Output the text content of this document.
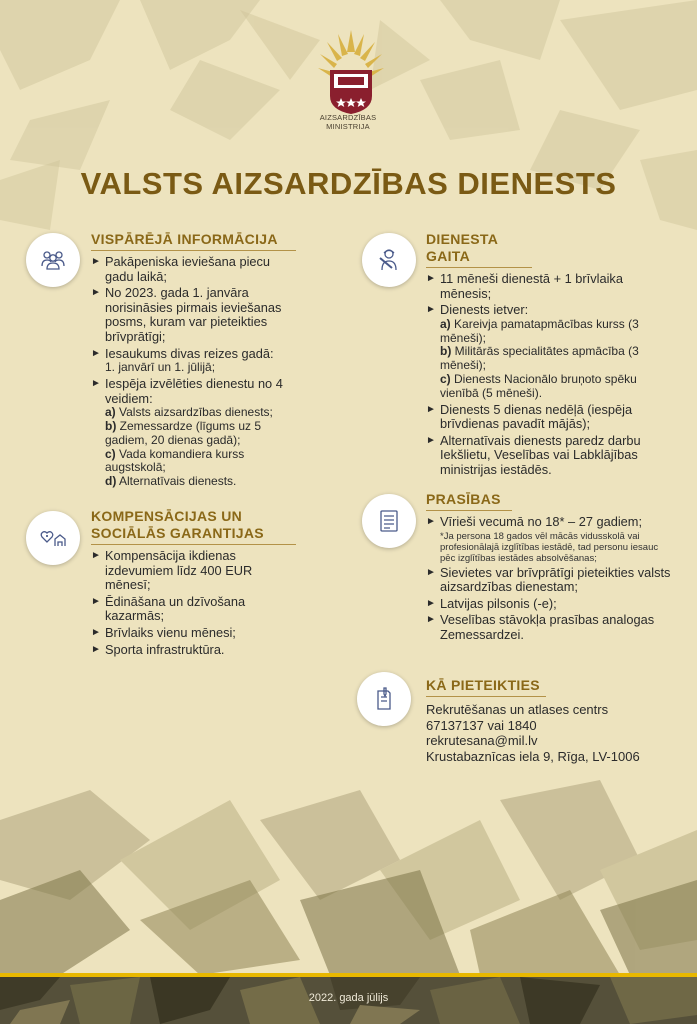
AIZSARDZĪBAS
MINISTRIJA
VALSTS AIZSARDZĪBAS DIENESTS
VISPĀRĒJĀ INFORMĀCIJA
► Pakāpeniska ieviešana piecu gadu laikā;
► No 2023. gada 1. janvāra norisināsies pirmais ieviešanas posms, kuram var pieteikties brīvprātīgi;
► Iesaukums divas reizes gadā:
1. janvārī un 1. jūlijā;
► Iespēja izvēlēties dienestu no 4 veidiem:
a) Valsts aizsardzības dienests;
b) Zemessardze (līgums uz 5 gadiem, 20 dienas gadā);
c) Vada komandiera kurss augstskolā;
d) Alternatīvais dienests.
KOMPENSĀCIJAS UN
SOCIĀLĀS GARANTIJAS
► Kompensācija ikdienas izdevumiem līdz 400 EUR mēnesī;
► Ēdināšana un dzīvošana kazarmās;
► Brīvlaiks vienu mēnesi;
► Sporta infrastruktūra.
DIENESTA GAITA
► 11 mēneši dienestā + 1 brīvlaika mēnesis;
► Dienests ietver:
a) Kareivja pamatapmācības kurss (3 mēneši);
b) Militārās specialitātes apmācība (3 mēneši);
c) Dienests Nacionālo bruņoto spēku vienībā (5 mēneši).
► Dienests 5 dienas nedēļā (iespēja brīvdienas pavadīt mājās);
► Alternatīvais dienests paredz darbu Iekšlietu, Veselības vai Labklājības ministrijas iestādēs.
PRASĪBAS
► Vīrieši vecumā no 18* – 27 gadiem;
*Ja persona 18 gados vēl mācās vidusskolā vai profesionālajā izglītības iestādē, tad personu iesauc pēc izglītības iestādes absolvēšanas;
► Sievietes var brīvprātīgi pieteikties valsts aizsardzības dienestam;
► Latvijas pilsonis (-e);
► Veselības stāvokļa prasības analogas Zemessardzei.
KĀ PIETEIKTIES
Rekrutēšanas un atlases centrs
67137137 vai 1840
rekrutesana@mil.lv
Krustabaznīcas iela 9, Rīga, LV-1006
2022. gada jūlijs
